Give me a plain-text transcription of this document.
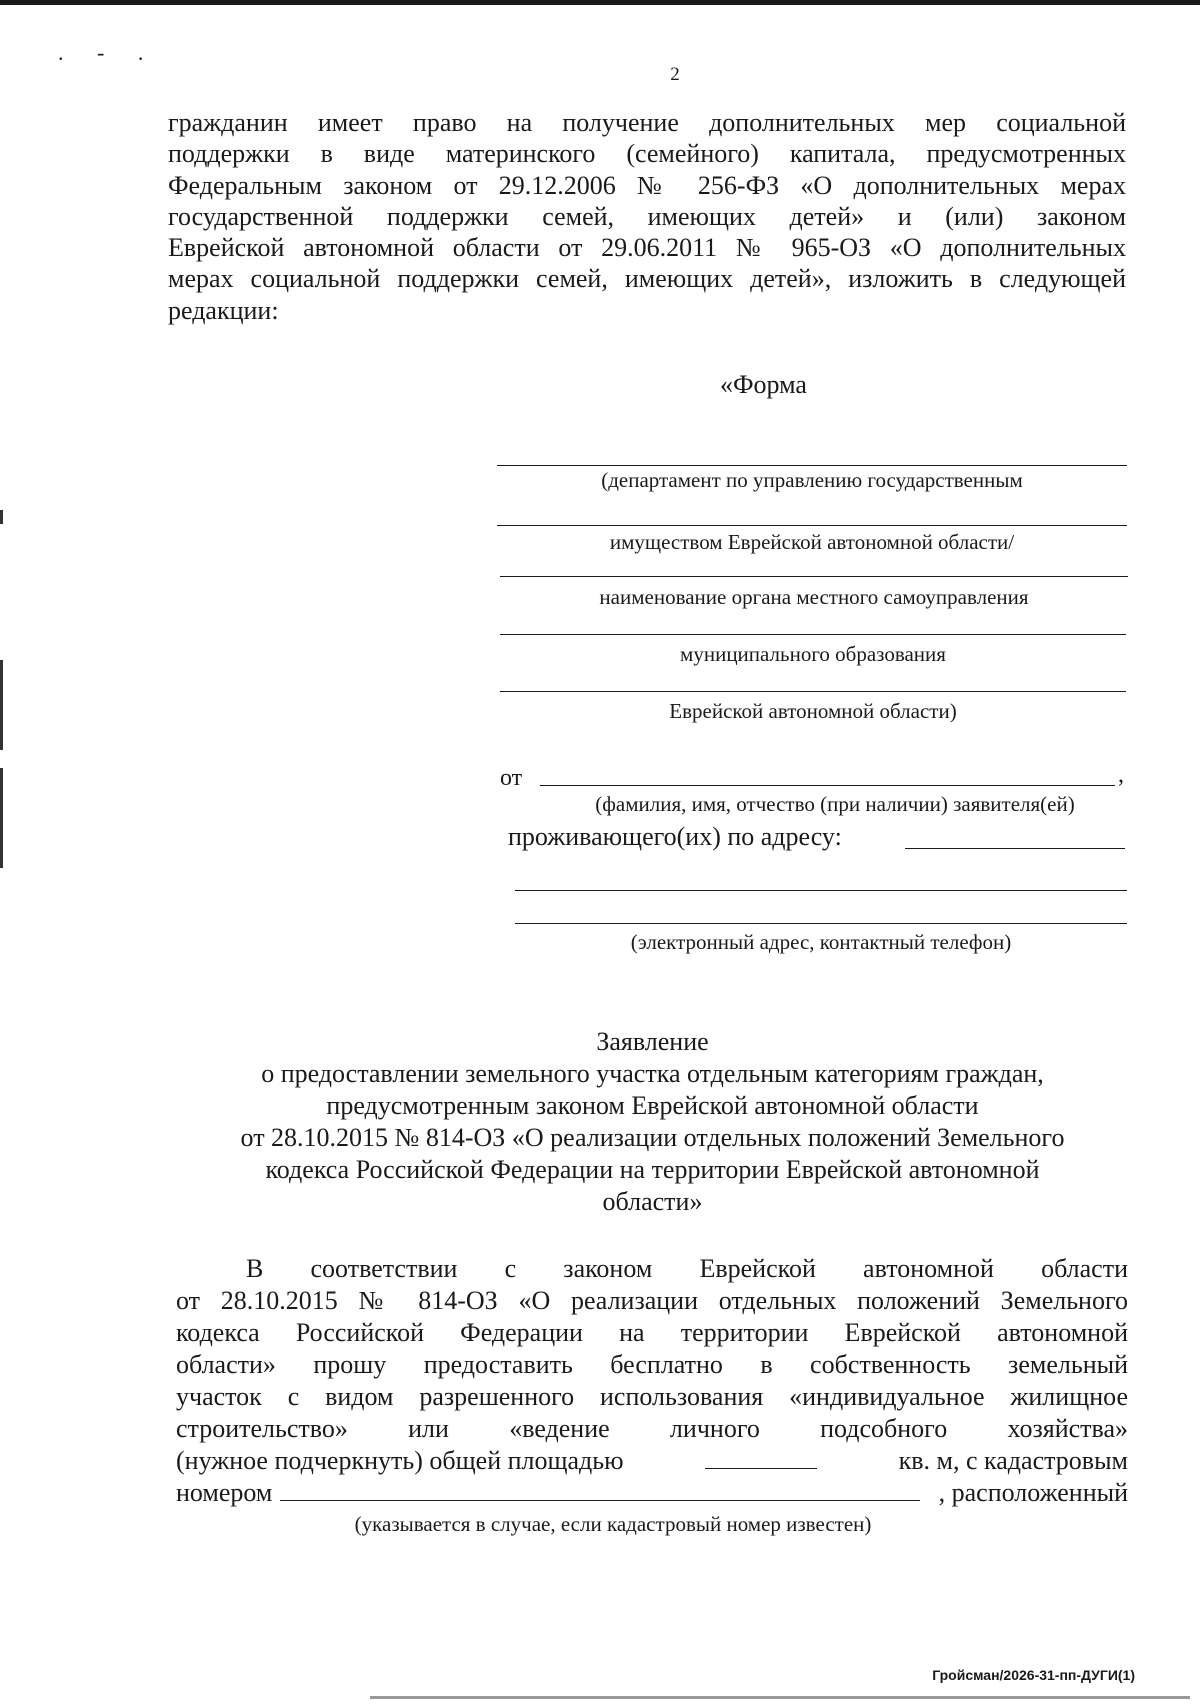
. - .
2
гражданин имеет право на получение дополнительных мер социальной
поддержки в виде материнского (семейного) капитала, предусмотренных
Федеральным законом от 29.12.2006 № 256-ФЗ «О дополнительных мерах
государственной поддержки семей, имеющих детей» и (или) законом
Еврейской автономной области от 29.06.2011 № 965-ОЗ «О дополнительных
мерах социальной поддержки семей, имеющих детей», изложить в следующей
редакции:
«Форма
(департамент по управлению государственным
имуществом Еврейской автономной области/
наименование органа местного самоуправления
муниципального образования
Еврейской автономной области)
от	,
(фамилия, имя, отчество (при наличии) заявителя(ей)
проживающего(их) по адресу:
(электронный адрес, контактный телефон)
Заявление
о предоставлении земельного участка отдельным категориям граждан,
предусмотренным законом Еврейской автономной области
от 28.10.2015 № 814-ОЗ «О реализации отдельных положений Земельного
кодекса Российской Федерации на территории Еврейской автономной
области»
В соответствии с законом Еврейской автономной области
от 28.10.2015 № 814-ОЗ «О реализации отдельных положений Земельного
кодекса Российской Федерации на территории Еврейской автономной
области» прошу предоставить бесплатно в собственность земельный
участок с видом разрешенного использования «индивидуальное жилищное
строительство» или «ведение личного подсобного хозяйства»
(нужное подчеркнуть) общей площадью	кв. м, с кадастровым
номером	, расположенный
(указывается в случае, если кадастровый номер известен)
Гройсман/2026-31-пп-ДУГИ(1)
